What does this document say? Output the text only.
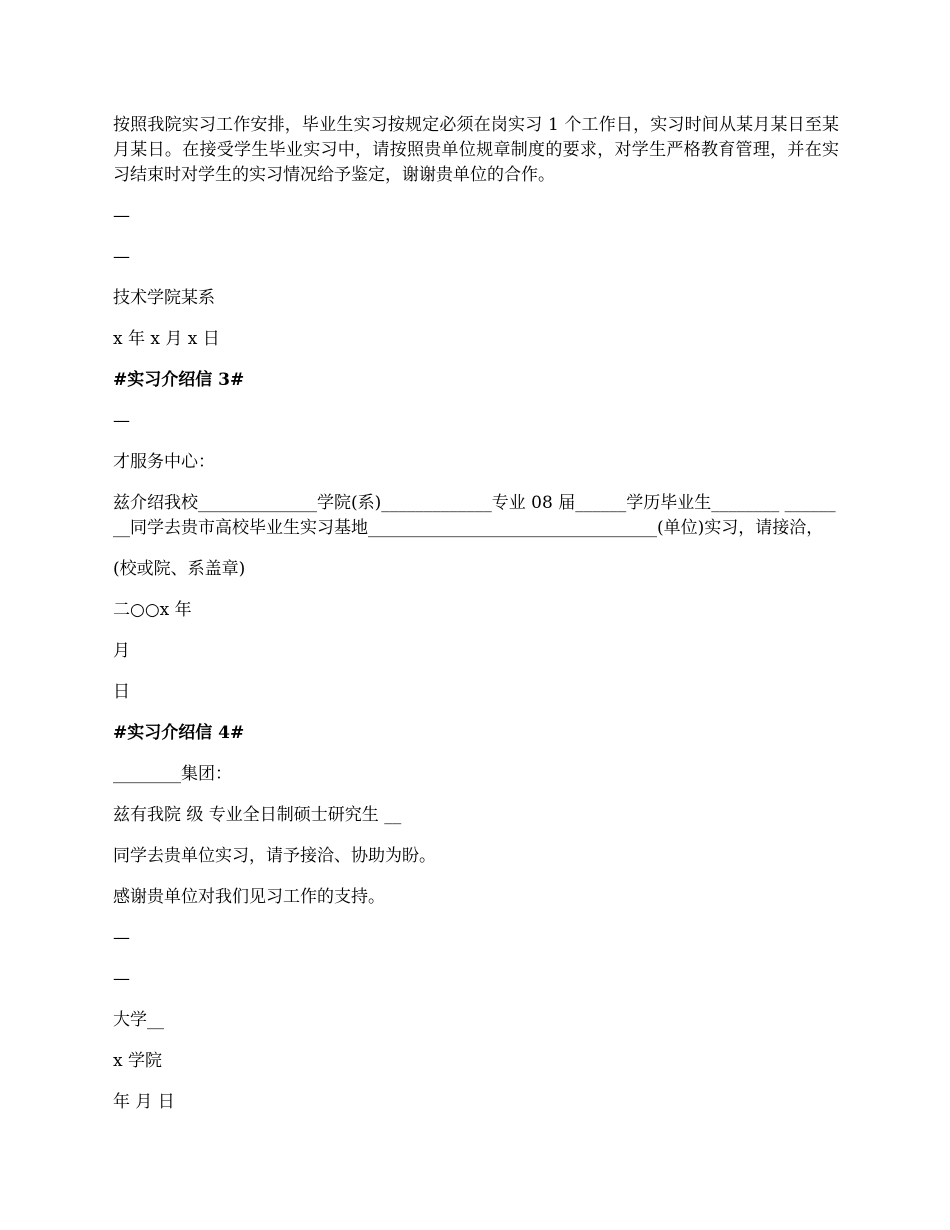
按照我院实习工作安排，毕业生实习按规定必须在岗实习 1 个工作日，实习时间从某月某日至某月某日。在接受学生毕业实习中，请按照贵单位规章制度的要求，对学生严格教育管理，并在实习结束时对学生的实习情况给予鉴定，谢谢贵单位的合作。

—

—

技术学院某系

x 年 x 月 x 日

#实习介绍信 3#

—

才服务中心：

兹介绍我校______________学院(系)_____________专业 08 届______学历毕业生________ ________同学去贵市高校毕业生实习基地__________________________________(单位)实习，请接洽，

(校或院、系盖章)

二○○x 年

月

日

#实习介绍信 4#

________集团：

兹有我院 级 专业全日制硕士研究生 __

同学去贵单位实习，请予接洽、协助为盼。

感谢贵单位对我们见习工作的支持。

—

—

大学__

x 学院

年 月 日
